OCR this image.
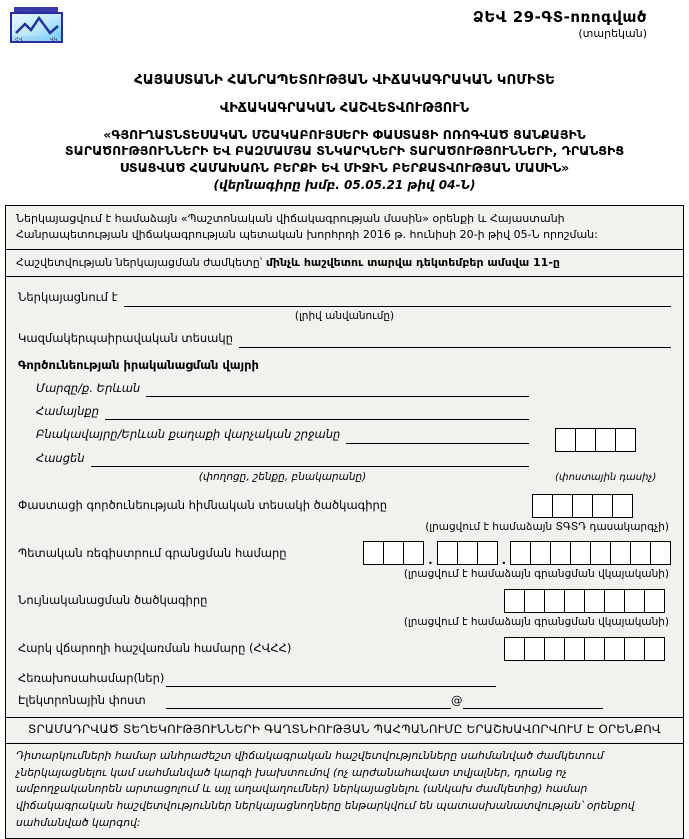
ՀՎ	ՎԿ
ՁԵՎ 29-ԳՏ-ոռոգված
(տարեկան)
ՀԱՅԱՍՏԱՆԻ ՀԱՆՐԱՊԵՏՈՒԹՅԱՆ ՎԻՃԱԿԱԳՐԱԿԱՆ ԿՈՄԻՏԵ
ՎԻՃԱԿԱԳՐԱԿԱՆ ՀԱՇՎԵՏՎՈՒԹՅՈՒՆ
«ԳՅՈՒՂԱՏՆՏԵՍԱԿԱՆ ՄՇԱԿԱԲՈՒՅՍԵՐԻ ՓԱՍՏԱՑԻ ՈՌՈԳՎԱԾ ՑԱՆՔԱՅԻՆ ՏԱՐԱԾՈՒԹՅՈՒՆՆԵՐԻ ԵՎ ԲԱԶՄԱՄՅԱ ՏՆԿԱՐԿՆԵՐԻ ՏԱՐԱԾՈՒԹՅՈՒՆՆԵՐԻ, ԴՐԱՆՑԻՑ ՍՏԱՑՎԱԾ ՀԱՄԱԽԱՌՆ ԲԵՐՔԻ ԵՎ ՄԻՋԻՆ ԲԵՐՔԱՏՎՈՒԹՅԱՆ ՄԱՍԻՆ»
(վերնագիրը խմբ. 05.05.21 թիվ 04-Ն)
Ներկայացվում է համաձայն «Պաշտոնական վիճակագրության մասին» օրենքի և Հայաստանի Հանրապետության վիճակագրության պետական խորհրդի 2016 թ. հունիսի 20-ի թիվ 05-Ն որոշման:
Հաշվետվության ներկայացման ժամկետը՝ մինչև հաշվետու տարվա դեկտեմբեր ամսվա 11-ը
Ներկայացնում է
(լրիվ անվանումը)
Կազմակերպաիրավական տեսակը
Գործունեության իրականացման վայրի
Մարզը/ք. Երևան
Համայնքը
Բնակավայրը/Երևան քաղաքի վարչական շրջանը
Հասցեն
(փողոցը, շենքը, բնակարանը)	(փոստային դասիչ)
Փաստացի գործունեության հիմնական տեսակի ծածկագիրը
(լրացվում է համաձայն ՏԳՏԴ դասակարգչի)
Պետական ռեգիստրում գրանցման համարը
.	.
(լրացվում է համաձայն գրանցման վկայականի)
Նույնականացման ծածկագիրը
(լրացվում է համաձայն գրանցման վկայականի)
Հարկ վճարողի հաշվառման համարը (ՀՎՀՀ)
Հեռախոսահամար(ներ)
Էլեկտրոնային փոստ	@
ՏՐԱՄԱԴՐՎԱԾ ՏԵՂԵԿՈՒԹՅՈՒՆՆԵՐԻ ԳԱՂՏՆԻՈՒԹՅԱՆ ՊԱՀՊԱՆՈՒՄԸ ԵՐԱՇԽԱՎՈՐՎՈՒՄ Է ՕՐԵՆՔՈՎ
Դիտարկումների համար անհրաժեշտ վիճակագրական հաշվետվությունները սահմանված ժամկետում չներկայացնելու կամ սահմանված կարգի խախտումով (ոչ արժանահավատ տվյալներ, դրանց ոչ ամբողջականորեն արտացոլում և այլ աղավաղումներ) ներկայացնելու (անկախ ժամկետից) համար վիճակագրական հաշվետվություններ ներկայացնողները ենթարկվում են պատասխանատվության՝ օրենքով սահմանված կարգով:
